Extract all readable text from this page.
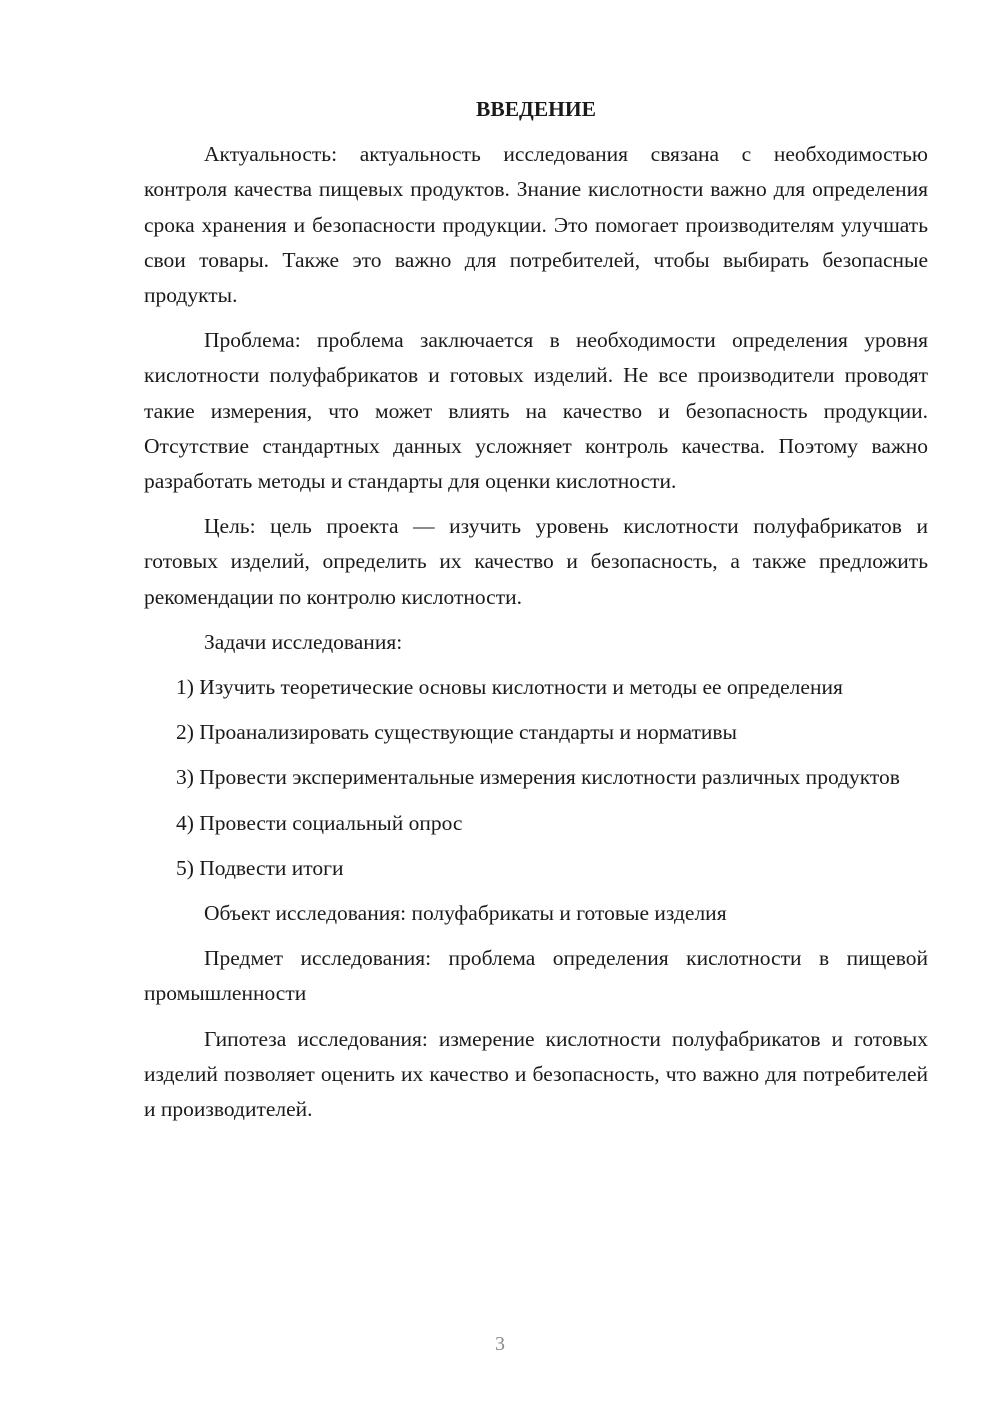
ВВЕДЕНИЕ

Актуальность: актуальность исследования связана с необходимостью контроля качества пищевых продуктов. Знание кислотности важно для определения срока хранения и безопасности продукции. Это помогает производителям улучшать свои товары. Также это важно для потребителей, чтобы выбирать безопасные продукты.

Проблема: проблема заключается в необходимости определения уровня кислотности полуфабрикатов и готовых изделий. Не все производители проводят такие измерения, что может влиять на качество и безопасность продукции. Отсутствие стандартных данных усложняет контроль качества. Поэтому важно разработать методы и стандарты для оценки кислотности.

Цель: цель проекта — изучить уровень кислотности полуфабрикатов и готовых изделий, определить их качество и безопасность, а также предложить рекомендации по контролю кислотности.

Задачи исследования:

1) Изучить теоретические основы кислотности и методы ее определения

2) Проанализировать существующие стандарты и нормативы

3) Провести экспериментальные измерения кислотности различных продуктов

4) Провести социальный опрос

5) Подвести итоги

Объект исследования: полуфабрикаты и готовые изделия

Предмет исследования: проблема определения кислотности в пищевой промышленности

Гипотеза исследования: измерение кислотности полуфабрикатов и готовых изделий позволяет оценить их качество и безопасность, что важно для потребителей и производителей.

3
